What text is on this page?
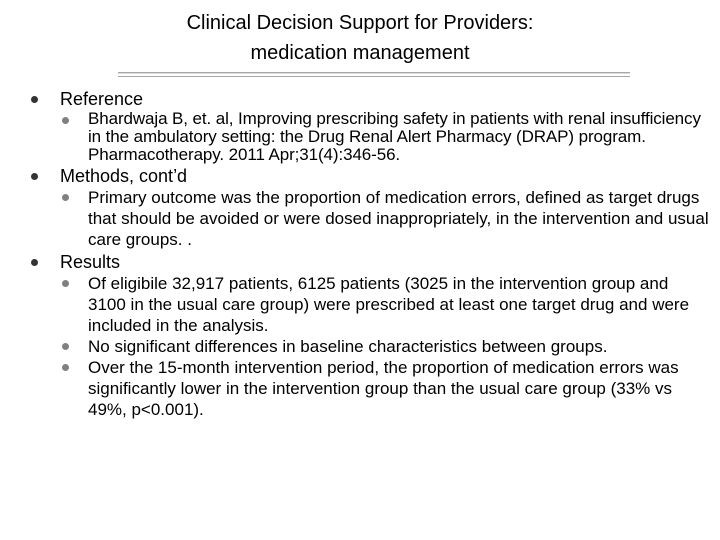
Clinical Decision Support for Providers:
medication management
Reference
Bhardwaja B, et. al, Improving prescribing safety in patients with renal insufficiency in the ambulatory setting: the Drug Renal Alert Pharmacy (DRAP) program. Pharmacotherapy. 2011 Apr;31(4):346-56.
Methods, cont’d
Primary outcome was the proportion of medication errors, defined as target drugs that should be avoided or were dosed inappropriately, in the intervention and usual care groups. .
Results
Of eligibile 32,917 patients, 6125 patients (3025 in the intervention group and 3100 in the usual care group) were prescribed at least one target drug and were included in the analysis.
No significant differences in baseline characteristics between groups.
Over the 15-month intervention period, the proportion of medication errors was significantly lower in the intervention group than the usual care group (33% vs 49%, p<0.001).
